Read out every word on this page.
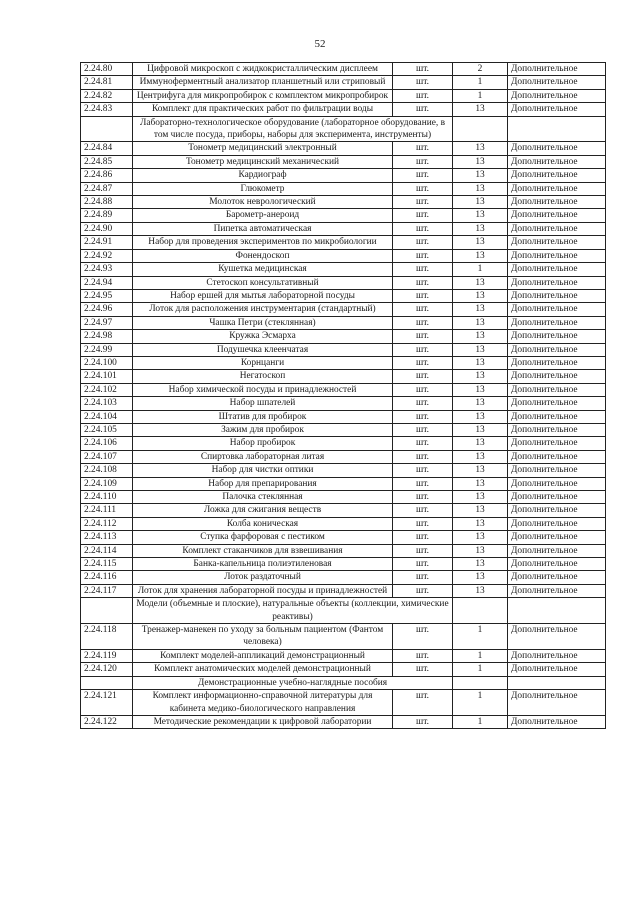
52
2.24.80	Цифровой микроскоп с жидкокристаллическим дисплеем	шт.	2	Дополнительное
2.24.81	Иммуноферментный анализатор планшетный или стриповый	шт.	1	Дополнительное
2.24.82	Центрифуга для микропробирок с комплектом микропробирок	шт.	1	Дополнительное
2.24.83	Комплект для практических работ по фильтрации воды	шт.	13	Дополнительное
	Лабораторно-технологическое оборудование (лабораторное оборудование, в том числе посуда, приборы, наборы для эксперимента, инструменты)			
2.24.84	Тонометр медицинский электронный	шт.	13	Дополнительное
2.24.85	Тонометр медицинский механический	шт.	13	Дополнительное
2.24.86	Кардиограф	шт.	13	Дополнительное
2.24.87	Глюкометр	шт.	13	Дополнительное
2.24.88	Молоток неврологический	шт.	13	Дополнительное
2.24.89	Барометр-анероид	шт.	13	Дополнительное
2.24.90	Пипетка автоматическая	шт.	13	Дополнительное
2.24.91	Набор для проведения экспериментов по микробиологии	шт.	13	Дополнительное
2.24.92	Фонендоскоп	шт.	13	Дополнительное
2.24.93	Кушетка медицинская	шт.	1	Дополнительное
2.24.94	Стетоскоп консультативный	шт.	13	Дополнительное
2.24.95	Набор ершей для мытья лабораторной посуды	шт.	13	Дополнительное
2.24.96	Лоток для расположения инструментария (стандартный)	шт.	13	Дополнительное
2.24.97	Чашка Петри (стеклянная)	шт.	13	Дополнительное
2.24.98	Кружка Эсмарха	шт.	13	Дополнительное
2.24.99	Подушечка клеенчатая	шт.	13	Дополнительное
2.24.100	Корнцанги	шт.	13	Дополнительное
2.24.101	Негатоскоп	шт.	13	Дополнительное
2.24.102	Набор химической посуды и принадлежностей	шт.	13	Дополнительное
2.24.103	Набор шпателей	шт.	13	Дополнительное
2.24.104	Штатив для пробирок	шт.	13	Дополнительное
2.24.105	Зажим для пробирок	шт.	13	Дополнительное
2.24.106	Набор пробирок	шт.	13	Дополнительное
2.24.107	Спиртовка лабораторная литая	шт.	13	Дополнительное
2.24.108	Набор для чистки оптики	шт.	13	Дополнительное
2.24.109	Набор для препарирования	шт.	13	Дополнительное
2.24.110	Палочка стеклянная	шт.	13	Дополнительное
2.24.111	Ложка для сжигания веществ	шт.	13	Дополнительное
2.24.112	Колба коническая	шт.	13	Дополнительное
2.24.113	Ступка фарфоровая с пестиком	шт.	13	Дополнительное
2.24.114	Комплект стаканчиков для взвешивания	шт.	13	Дополнительное
2.24.115	Банка-капельница полиэтиленовая	шт.	13	Дополнительное
2.24.116	Лоток раздаточный	шт.	13	Дополнительное
2.24.117	Лоток для хранения лабораторной посуды и принадлежностей	шт.	13	Дополнительное
	Модели (объемные и плоские), натуральные объекты (коллекции, химические реактивы)			
2.24.118	Тренажер-манекен по уходу за больным пациентом (Фантом человека)	шт.	1	Дополнительное
2.24.119	Комплект моделей-аппликаций демонстрационный	шт.	1	Дополнительное
2.24.120	Комплект анатомических моделей демонстрационный	шт.	1	Дополнительное
	Демонстрационные учебно-наглядные пособия			
2.24.121	Комплект информационно-справочной литературы для кабинета медико-биологического направления	шт.	1	Дополнительное
2.24.122	Методические рекомендации к цифровой лаборатории	шт.	1	Дополнительное
